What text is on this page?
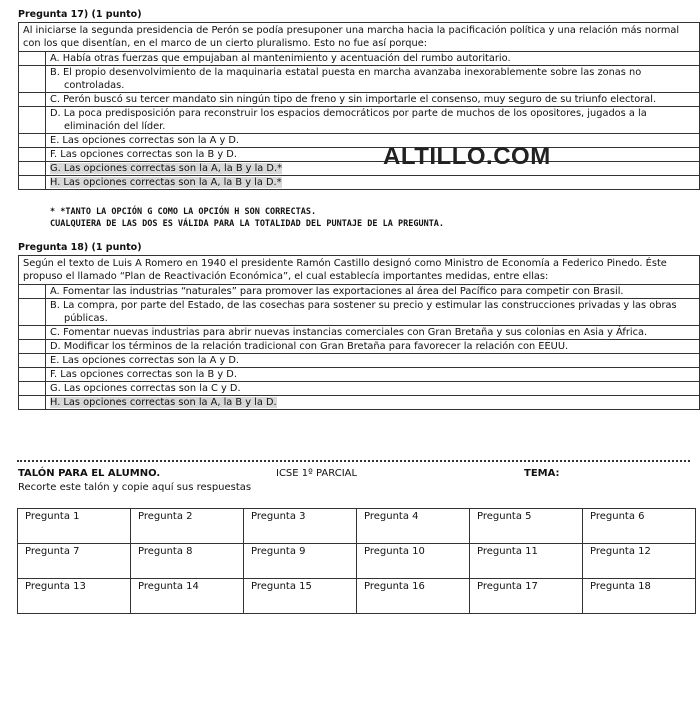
Pregunta 17) (1 punto)
Al iniciarse la segunda presidencia de Perón se podía presuponer una marcha hacia la pacificación política y una relación más normal con los que disentían, en el marco de un cierto pluralismo. Esto no fue así porque:	
	A. Había otras fuerzas que empujaban al mantenimiento y acentuación del rumbo autoritario.

	B. El propio desenvolvimiento de la maquinaria estatal puesta en marcha avanzaba inexorablemente sobre las zonas no controladas.

	C. Perón buscó su tercer mandato sin ningún tipo de freno y sin importarle el consenso, muy seguro de su triunfo electoral.

	D. La poca predisposición para reconstruir los espacios democráticos por parte de muchos de los opositores, jugados a la eliminación del líder.

	E. Las opciones correctas son la A y D.
	F. Las opciones correctas son la B y D.
	G. Las opciones correctas son la A, la B y la D.*
	H. Las opciones correctas son la A, la B y la D.*
ALTILLO.COM
* *TANTO LA OPCIÓN G COMO LA OPCIÓN H SON CORRECTAS.
CUALQUIERA DE LAS DOS ES VÁLIDA PARA LA TOTALIDAD DEL PUNTAJE DE LA PREGUNTA.
Pregunta 18) (1 punto)
Según el texto de Luis A Romero en 1940 el presidente Ramón Castillo designó como Ministro de Economía a Federico Pinedo. Éste propuso el llamado “Plan de Reactivación Económica”, el cual establecía importantes medidas, entre ellas:	
	A. Fomentar las industrias “naturales” para promover las exportaciones al área del Pacífico para competir con Brasil.

	B. La compra, por parte del Estado, de las cosechas para sostener su precio y estimular las construcciones privadas y las obras públicas.

	C. Fomentar nuevas industrias para abrir nuevas instancias comerciales con Gran Bretaña y sus colonias en Asia y África.
	D. Modificar los términos de la relación tradicional con Gran Bretaña para favorecer la relación con EEUU.
	E. Las opciones correctas son la A y D.
	F. Las opciones correctas son la B y D.
	G. Las opciones correctas son la C y D.
	H. Las opciones correctas son la A, la B y la D.
TALÓN PARA EL ALUMNO.	ICSE 1º PARCIAL	TEMA:
Recorte este talón y copie aquí sus respuestas
Pregunta 1	Pregunta 2	Pregunta 3	Pregunta 4	Pregunta 5	Pregunta 6
Pregunta 7	Pregunta 8	Pregunta 9	Pregunta 10	Pregunta 11	Pregunta 12
Pregunta 13	Pregunta 14	Pregunta 15	Pregunta 16	Pregunta 17	Pregunta 18
